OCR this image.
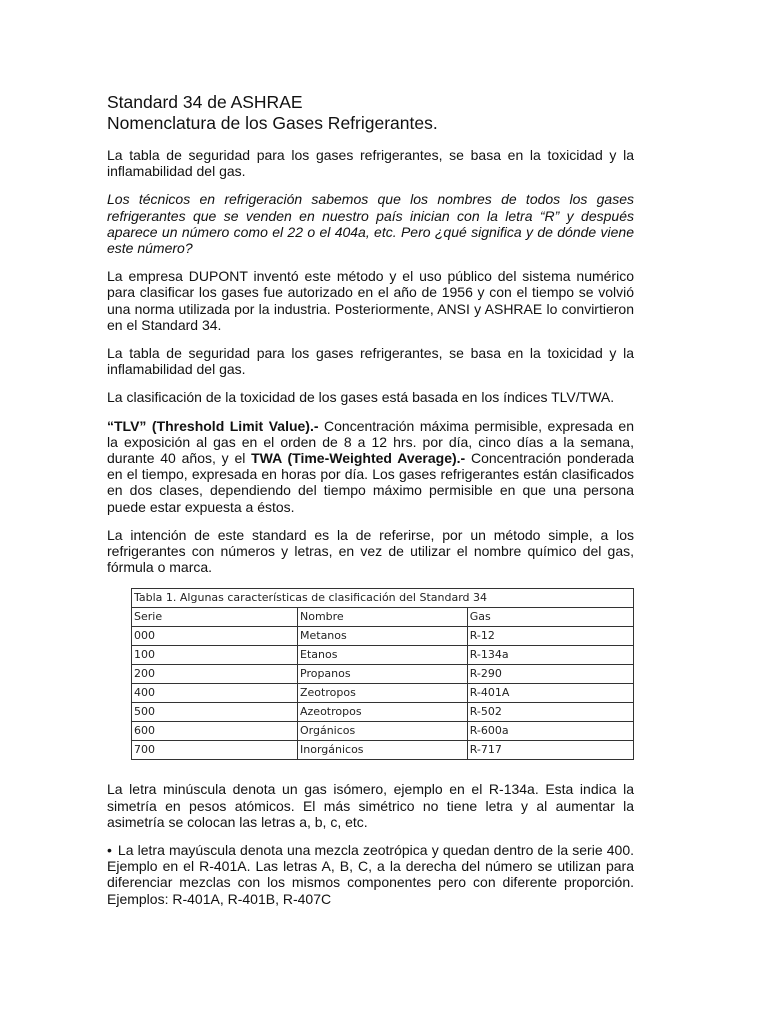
Standard 34 de ASHRAE
Nomenclatura de los Gases Refrigerantes.

La tabla de seguridad para los gases refrigerantes, se basa en la toxicidad y la inflamabilidad del gas.

Los técnicos en refrigeración sabemos que los nombres de todos los gases refrigerantes que se venden en nuestro país inician con la letra “R” y después aparece un número como el 22 o el 404a, etc. Pero ¿qué significa y de dónde viene este número?

La empresa DUPONT inventó este método y el uso público del sistema numérico para clasificar los gases fue autorizado en el año de 1956 y con el tiempo se volvió una norma utilizada por la industria. Posteriormente, ANSI y ASHRAE lo convirtieron en el Standard 34.

La tabla de seguridad para los gases refrigerantes, se basa en la toxicidad y la inflamabilidad del gas.

La clasificación de la toxicidad de los gases está basada en los índices TLV/TWA.

“TLV” (Threshold Limit Value).- Concentración máxima permisible, expresada en la exposición al gas en el orden de 8 a 12 hrs. por día, cinco días a la semana, durante 40 años, y el TWA (Time-Weighted Average).- Concentración ponderada en el tiempo, expresada en horas por día. Los gases refrigerantes están clasificados en dos clases, dependiendo del tiempo máximo permisible en que una persona puede estar expuesta a éstos.

La intención de este standard es la de referirse, por un método simple, a los refrigerantes con números y letras, en vez de utilizar el nombre químico del gas, fórmula o marca.

Tabla 1. Algunas características de clasificación del Standard 34		
Serie	Nombre	Gas
000	Metanos	R-12
100	Etanos	R-134a
200	Propanos	R-290
400	Zeotropos	R-401A
500	Azeotropos	R-502
600	Orgánicos	R-600a
700	Inorgánicos	R-717

La letra minúscula denota un gas isómero, ejemplo en el R-134a. Esta indica la simetría en pesos atómicos. El más simétrico no tiene letra y al aumentar la asimetría se colocan las letras a, b, c, etc.

• La letra mayúscula denota una mezcla zeotrópica y quedan dentro de la serie 400. Ejemplo en el R-401A. Las letras A, B, C, a la derecha del número se utilizan para diferenciar mezclas con los mismos componentes pero con diferente proporción. Ejemplos: R-401A, R-401B, R-407C
